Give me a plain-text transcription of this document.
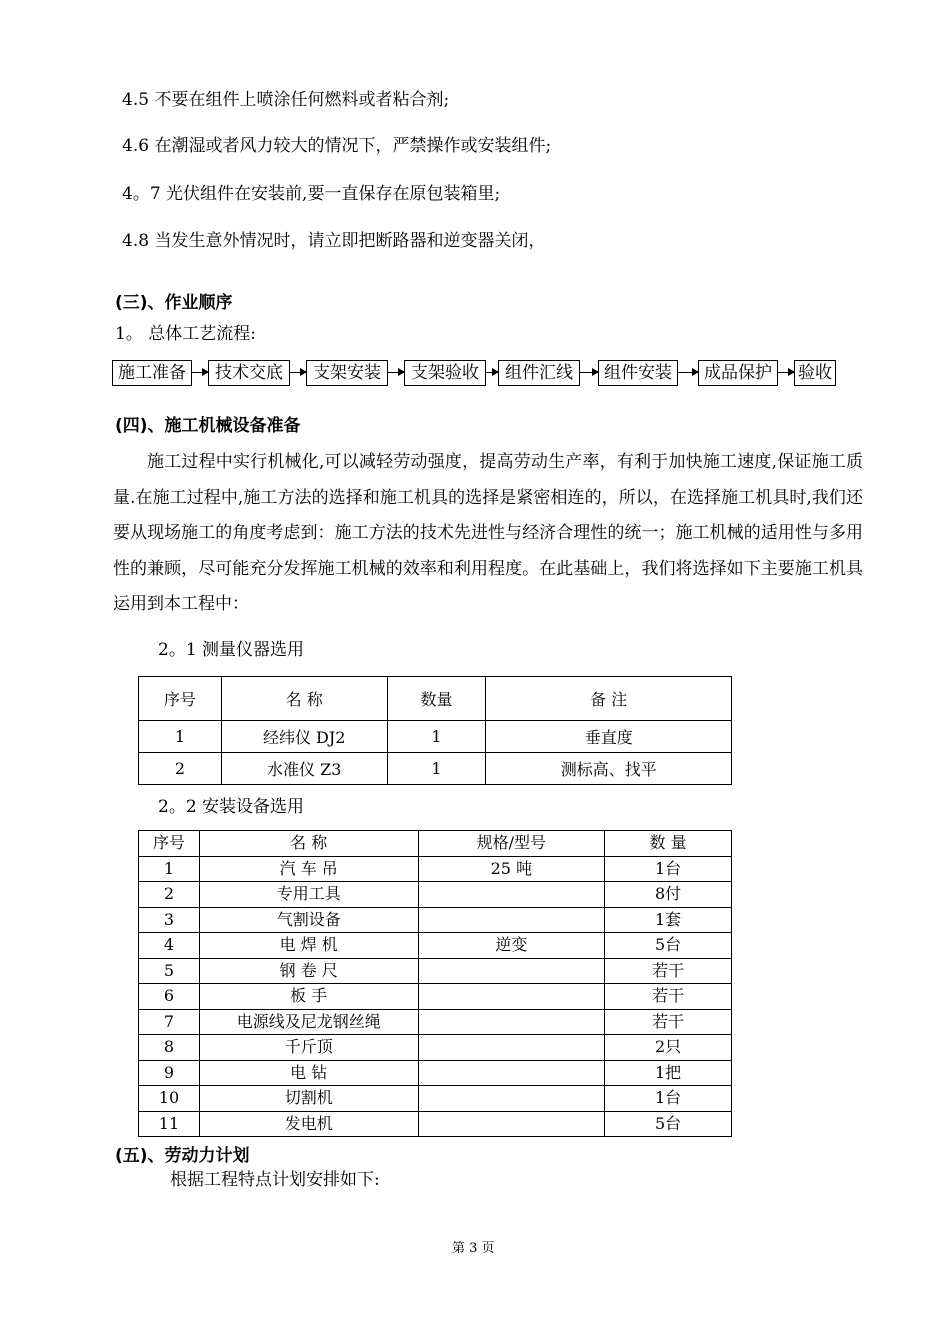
4.5 不要在组件上喷涂任何燃料或者粘合剂;
4.6 在潮湿或者风力较大的情况下，严禁操作或安装组件;
4。7 光伏组件在安装前,要一直保存在原包装箱里;
4.8 当发生意外情况时，请立即把断路器和逆变器关闭，
(三)、作业顺序
1。 总体工艺流程:
施工准备	技术交底	支架安装	支架验收	组件汇线	组件安装	成品保护	验收
(四)、施工机械设备准备
施工过程中实行机械化,可以减轻劳动强度，提高劳动生产率，有利于加快施工速度,保证施工质量.在施工过程中,施工方法的选择和施工机具的选择是紧密相连的，所以，在选择施工机具时,我们还要从现场施工的角度考虑到：施工方法的技术先进性与经济合理性的统一；施工机械的适用性与多用性的兼顾，尽可能充分发挥施工机械的效率和利用程度。在此基础上，我们将选择如下主要施工机具运用到本工程中：
2。1 测量仪器选用
序号	名 称	数量	备 注
1	经纬仪 DJ2	1	垂直度
2	水准仪 Z3	1	测标高、找平
2。2 安装设备选用
序号	名 称	规格/型号	数 量
1	汽 车 吊	25 吨	1台
2	专用工具		8付
3	气割设备		1套
4	电 焊 机	逆变	5台
5	钢 卷 尺		若干
6	板 手		若干
7	电源线及尼龙钢丝绳		若干
8	千斤顶		2只
9	电 钻		1把
10	切割机		1台
11	发电机		5台
(五)、劳动力计划
根据工程特点计划安排如下:
第 3 页
